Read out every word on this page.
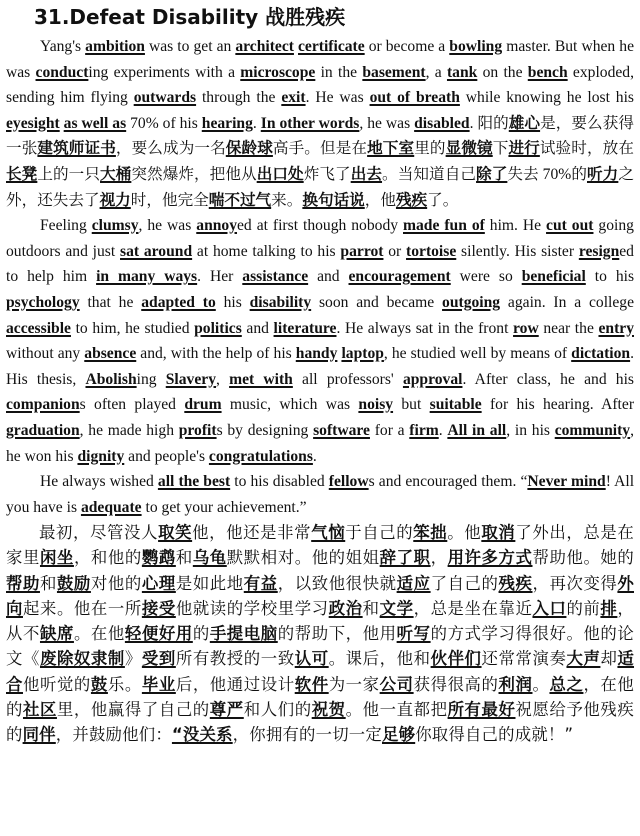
31.Defeat Disability 战胜残疾

Yang's ambition was to get an architect certificate or become a bowling master. But when he was conducting experiments with a microscope in the basement, a tank on the bench exploded, sending him flying outwards through the exit. He was out of breath while knowing he lost his eyesight as well as 70% of his hearing. In other words, he was disabled. 阳的雄心是，要么获得一张建筑师证书，要么成为一名保龄球高手。但是在地下室里的显微镜下进行试验时，放在长凳上的一只大桶突然爆炸，把他从出口处炸飞了出去。当知道自己除了失去 70%的听力之外，还失去了视力时，他完全喘不过气来。换句话说，他残疾了。

Feeling clumsy, he was annoyed at first though nobody made fun of him. He cut out going outdoors and just sat around at home talking to his parrot or tortoise silently. His sister resigned to help him in many ways. Her assistance and encouragement were so beneficial to his psychology that he adapted to his disability soon and became outgoing again. In a college accessible to him, he studied politics and literature. He always sat in the front row near the entry without any absence and, with the help of his handy laptop, he studied well by means of dictation. His thesis, Abolishing Slavery, met with all professors' approval. After class, he and his companions often played drum music, which was noisy but suitable for his hearing. After graduation, he made high profits by designing software for a firm. All in all, in his community, he won his dignity and people's congratulations.

He always wished all the best to his disabled fellows and encouraged them. “Never mind! All you have is adequate to get your achievement.”

最初，尽管没人取笑他，他还是非常气恼于自己的笨拙。他取消了外出，总是在家里闲坐，和他的鹦鹉和乌龟默默相对。他的姐姐辞了职，用许多方式帮助他。她的帮助和鼓励对他的心理是如此地有益，以致他很快就适应了自己的残疾，再次变得外向起来。他在一所接受他就读的学校里学习政治和文学，总是坐在靠近入口的前排，从不缺席。在他轻便好用的手提电脑的帮助下，他用听写的方式学习得很好。他的论文《废除奴隶制》受到所有教授的一致认可。课后，他和伙伴们还常常演奏大声却适合他听觉的鼓乐。毕业后，他通过设计软件为一家公司获得很高的利润。总之，在他的社区里，他赢得了自己的尊严和人们的祝贺。他一直都把所有最好祝愿给予他残疾的同伴，并鼓励他们：“没关系，你拥有的一切一定足够你取得自己的成就！”
